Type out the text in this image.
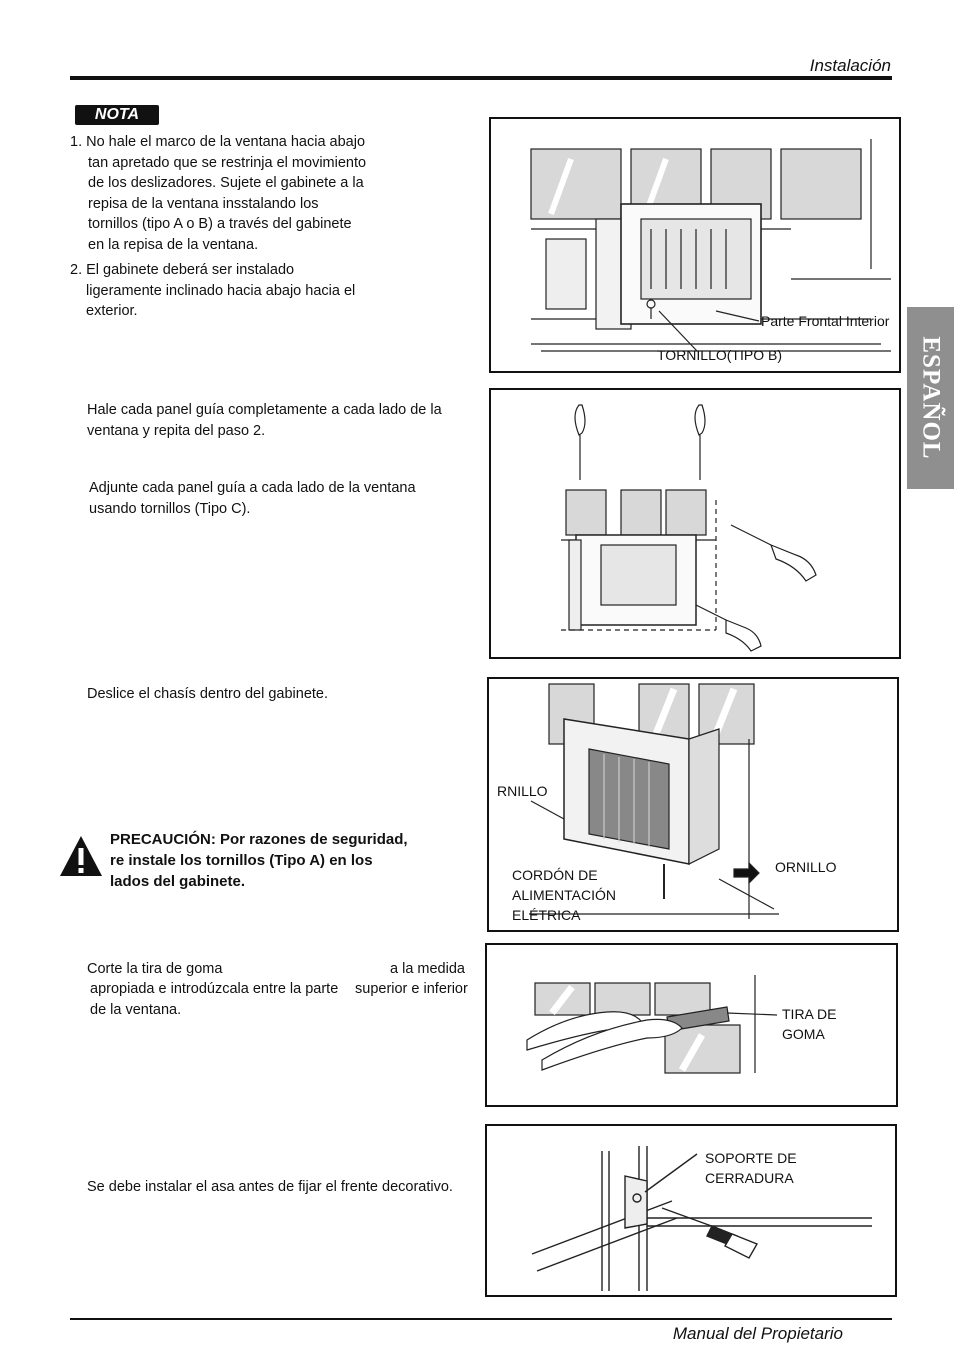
Instalación
ESPAÑOL
NOTA
1. No hale el marco de la ventana hacia abajo
tan apretado que se restrinja el movimiento
de los deslizadores. Sujete el gabinete a la
repisa de la ventana insstalando los
tornillos (tipo A o B) a través del gabinete
en la repisa de la ventana.
2. El gabinete deberá ser instalado
ligeramente inclinado hacia abajo hacia el
exterior.
Parte Frontal Interior
TORNILLO(TIPO B)
Hale cada panel guía completamente a cada lado de la
ventana y repita del paso 2.
Adjunte cada panel guía a cada lado de la ventana
usando tornillos (Tipo C).
Deslice el chasís dentro del gabinete.
RNILLO
ORNILLO
CORDÓN DE
ALIMENTACIÓN
ELÉTRICA
PRECAUCIÓN: Por razones de seguridad,
re instale los tornillos (Tipo A) en los
lados del gabinete.
Corte la tira de goma	a la medida
apropiada e introdúzcala entre la parte superior e inferior
de la ventana.	TIRA DE
GOMA
Se debe instalar el asa antes de fijar el frente decorativo.
SOPORTE DE
CERRADURA
Manual del Propietario
